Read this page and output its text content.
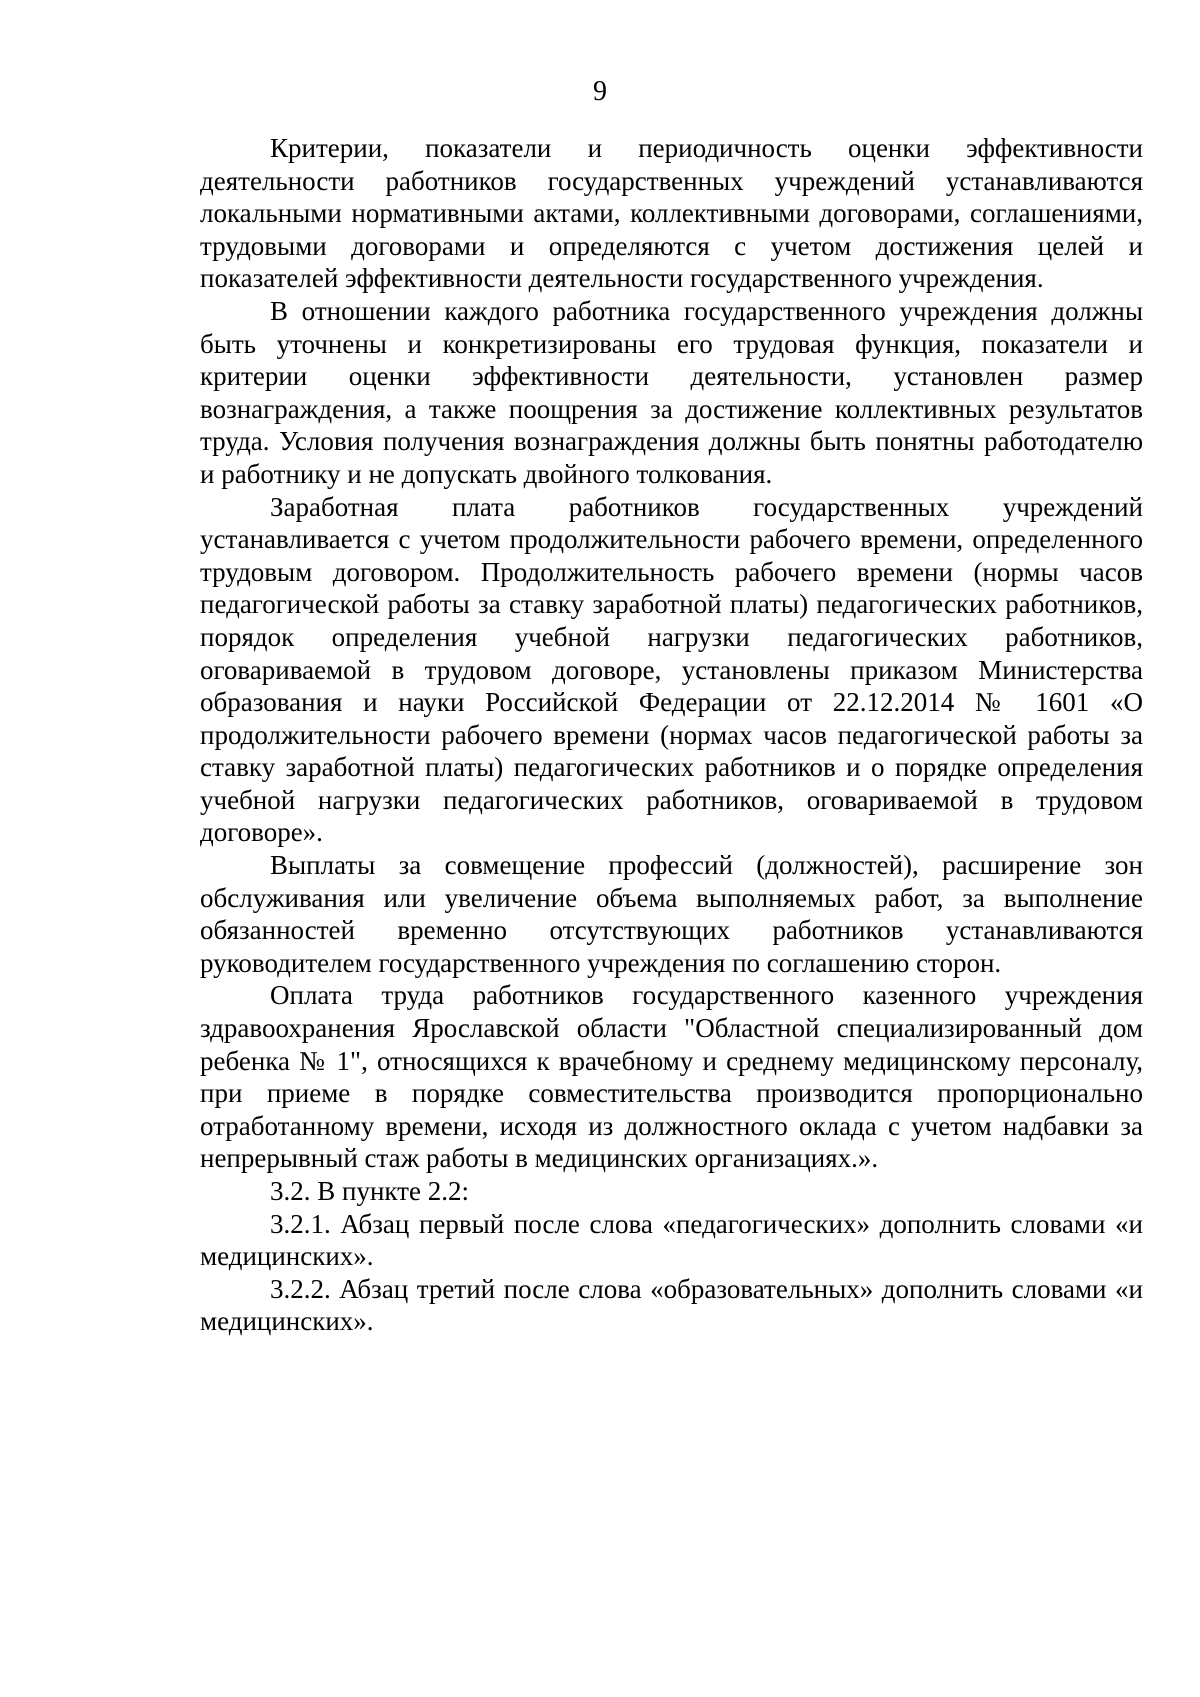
9

Критерии, показатели и периодичность оценки эффективности деятельности работников государственных учреждений устанавливаются локальными нормативными актами, коллективными договорами, соглашениями, трудовыми договорами и определяются с учетом достижения целей и показателей эффективности деятельности государственного учреждения.

В отношении каждого работника государственного учреждения должны быть уточнены и конкретизированы его трудовая функция, показатели и критерии оценки эффективности деятельности, установлен размер вознаграждения, а также поощрения за достижение коллективных результатов труда. Условия получения вознаграждения должны быть понятны работодателю и работнику и не допускать двойного толкования.

Заработная плата работников государственных учреждений устанавливается с учетом продолжительности рабочего времени, определенного трудовым договором. Продолжительность рабочего времени (нормы часов педагогической работы за ставку заработной платы) педагогических работников, порядок определения учебной нагрузки педагогических работников, оговариваемой в трудовом договоре, установлены приказом Министерства образования и науки Российской Федерации от 22.12.2014 № 1601 «О продолжительности рабочего времени (нормах часов педагогической работы за ставку заработной платы) педагогических работников и о порядке определения учебной нагрузки педагогических работников, оговариваемой в трудовом договоре».

Выплаты за совмещение профессий (должностей), расширение зон обслуживания или увеличение объема выполняемых работ, за выполнение обязанностей временно отсутствующих работников устанавливаются руководителем государственного учреждения по соглашению сторон.

Оплата труда работников государственного казенного учреждения здравоохранения Ярославской области "Областной специализированный дом ребенка № 1", относящихся к врачебному и среднему медицинскому персоналу, при приеме в порядке совместительства производится пропорционально отработанному времени, исходя из должностного оклада с учетом надбавки за непрерывный стаж работы в медицинских организациях.».

3.2. В пункте 2.2:

3.2.1. Абзац первый после слова «педагогических» дополнить словами «и медицинских».

3.2.2. Абзац третий после слова «образовательных» дополнить словами «и медицинских».
